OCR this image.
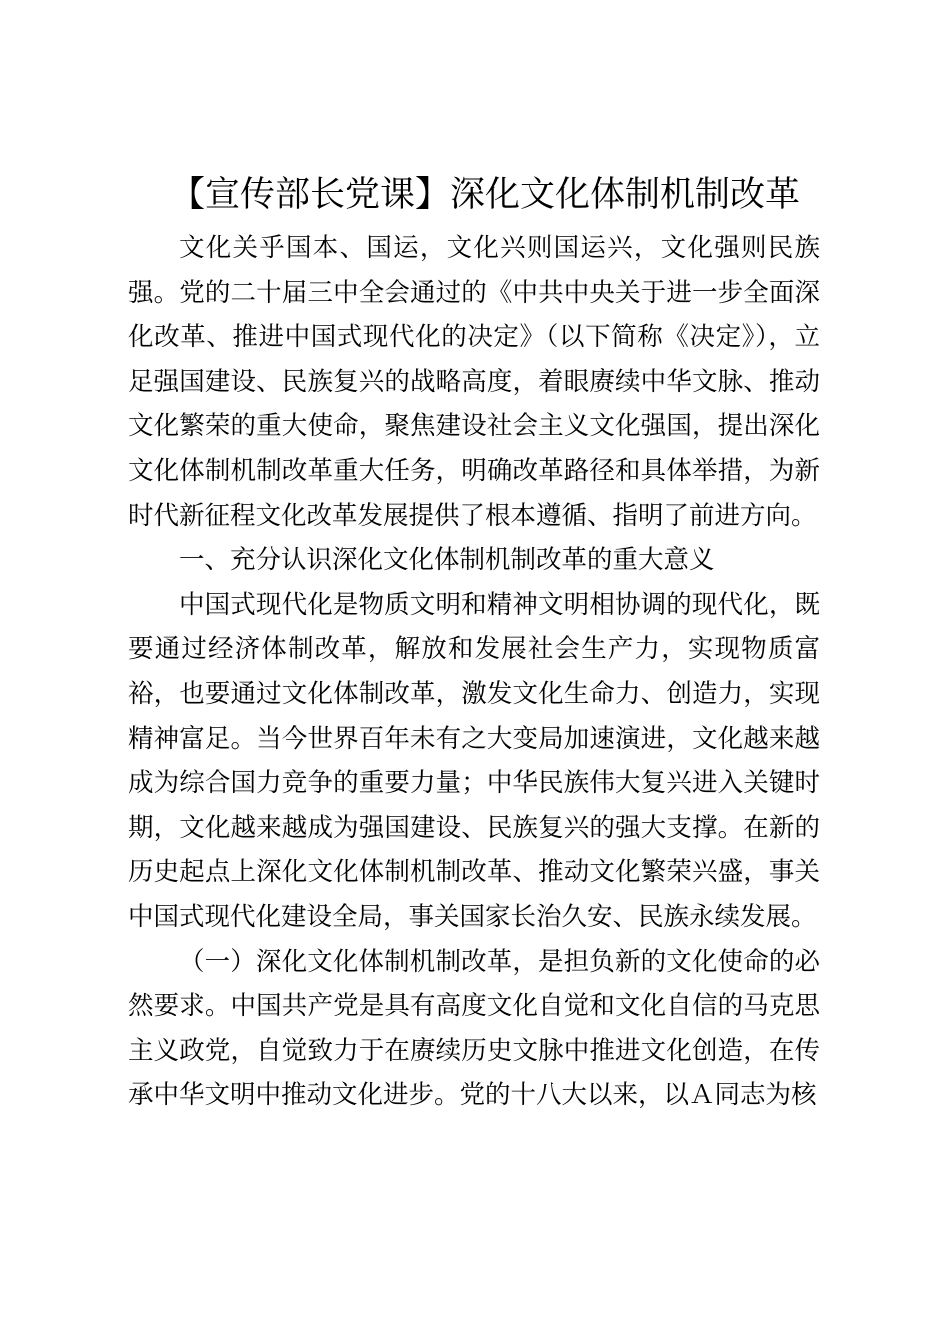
【宣传部长党课】深化文化体制机制改革

文化关乎国本、国运，文化兴则国运兴，文化强则民族强。党的二十届三中全会通过的《中共中央关于进一步全面深化改革、推进中国式现代化的决定》（以下简称《决定》），立足强国建设、民族复兴的战略高度，着眼赓续中华文脉、推动文化繁荣的重大使命，聚焦建设社会主义文化强国，提出深化文化体制机制改革重大任务，明确改革路径和具体举措，为新时代新征程文化改革发展提供了根本遵循、指明了前进方向。

一、充分认识深化文化体制机制改革的重大意义

中国式现代化是物质文明和精神文明相协调的现代化，既要通过经济体制改革，解放和发展社会生产力，实现物质富裕，也要通过文化体制改革，激发文化生命力、创造力，实现精神富足。当今世界百年未有之大变局加速演进，文化越来越成为综合国力竞争的重要力量；中华民族伟大复兴进入关键时期，文化越来越成为强国建设、民族复兴的强大支撑。在新的历史起点上深化文化体制机制改革、推动文化繁荣兴盛，事关中国式现代化建设全局，事关国家长治久安、民族永续发展。

（一）深化文化体制机制改革，是担负新的文化使命的必然要求。中国共产党是具有高度文化自觉和文化自信的马克思主义政党，自觉致力于在赓续历史文脉中推进文化创造，在传承中华文明中推动文化进步。党的十八大以来，以Ａ同志为核
